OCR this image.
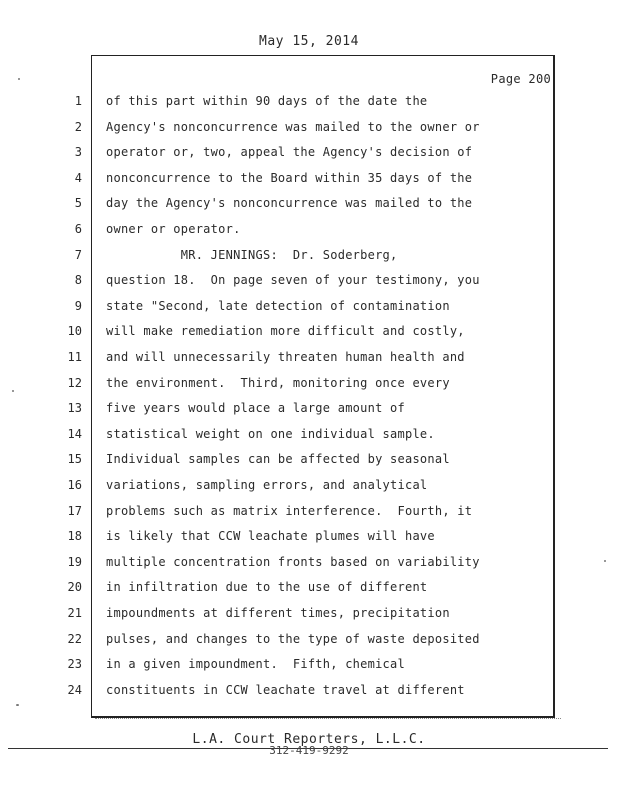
May 15, 2014
Page 200
1 of this part within 90 days of the date the
2 Agency's nonconcurrence was mailed to the owner or
3 operator or, two, appeal the Agency's decision of
4 nonconcurrence to the Board within 35 days of the
5 day the Agency's nonconcurrence was mailed to the
6 owner or operator.
7 MR. JENNINGS:  Dr. Soderberg,
8 question 18.  On page seven of your testimony, you
9 state "Second, late detection of contamination
10 will make remediation more difficult and costly,
11 and will unnecessarily threaten human health and
12 the environment.  Third, monitoring once every
13 five years would place a large amount of
14 statistical weight on one individual sample.
15 Individual samples can be affected by seasonal
16 variations, sampling errors, and analytical
17 problems such as matrix interference.  Fourth, it
18 is likely that CCW leachate plumes will have
19 multiple concentration fronts based on variability
20 in infiltration due to the use of different
21 impoundments at different times, precipitation
22 pulses, and changes to the type of waste deposited
23 in a given impoundment.  Fifth, chemical
24 constituents in CCW leachate travel at different
L.A. Court Reporters, L.L.C.
312-419-9292
